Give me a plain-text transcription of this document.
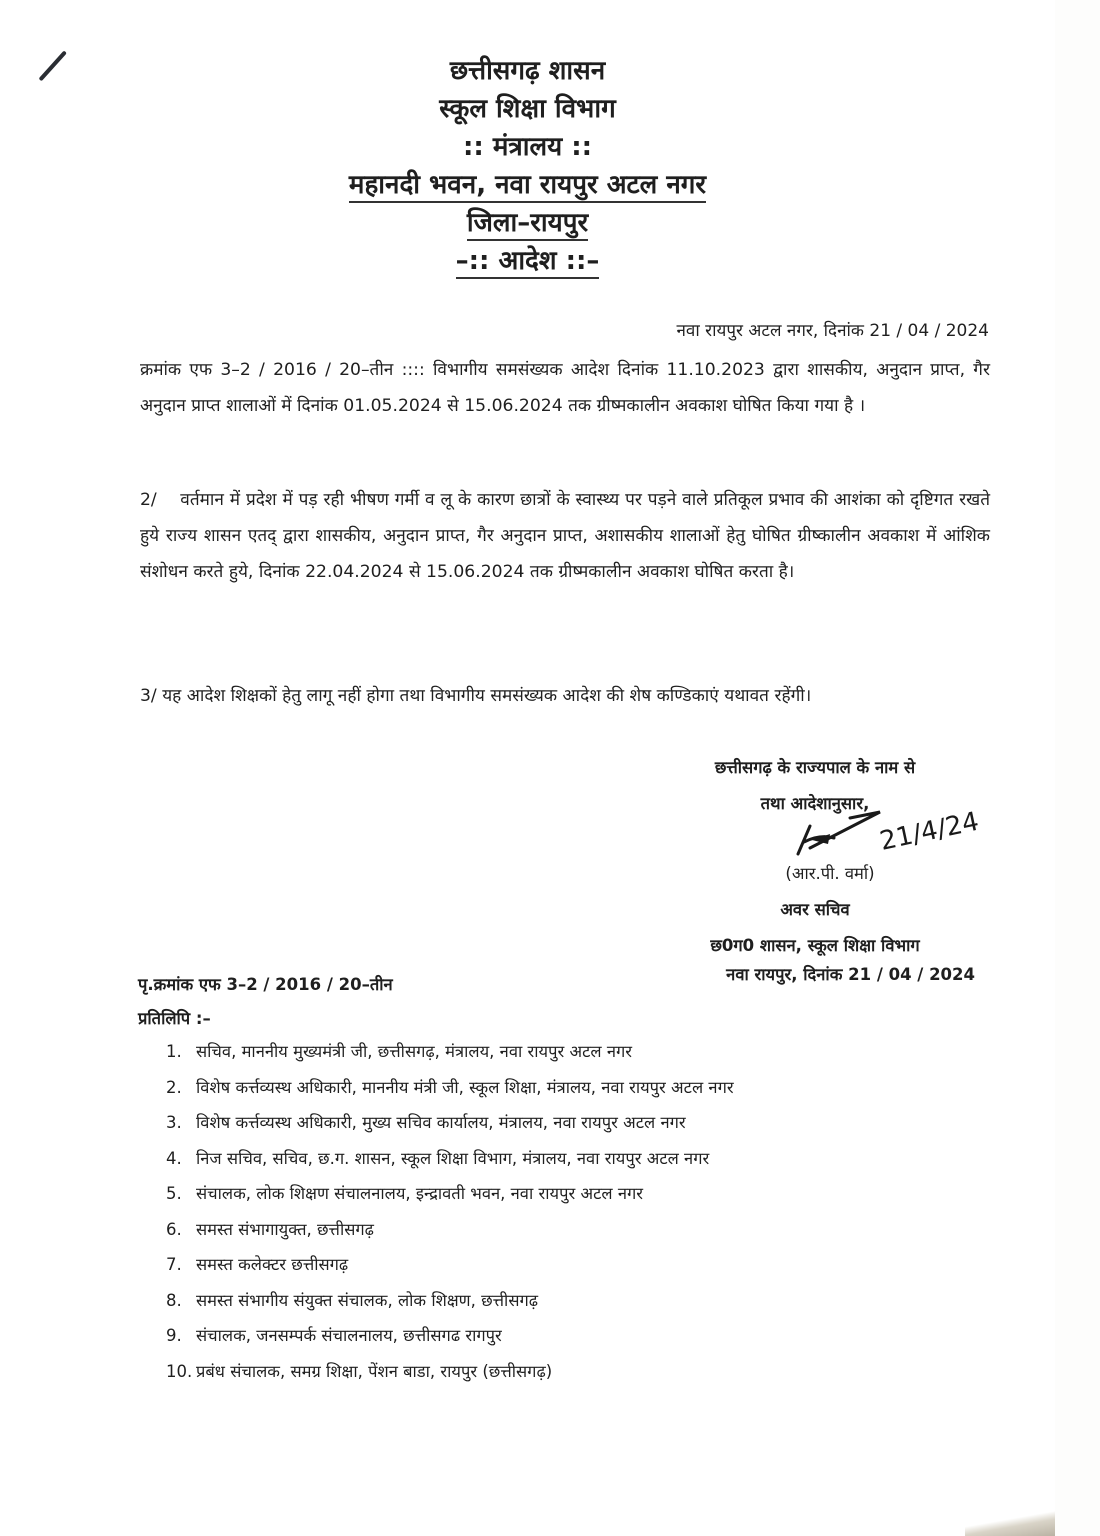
छत्तीसगढ़ शासन
स्कूल शिक्षा विभाग
:: मंत्रालय ::
महानदी भवन, नवा रायपुर अटल नगर
जिला–रायपुर
–:: आदेश ::–
नवा रायपुर अटल नगर, दिनांक 21 / 04 / 2024

क्रमांक एफ 3–2 / 2016 / 20–तीन :::: विभागीय समसंख्यक आदेश दिनांक 11.10.2023 द्वारा शासकीय, अनुदान प्राप्त, गैर अनुदान प्राप्त शालाओं में दिनांक 01.05.2024 से 15.06.2024 तक ग्रीष्मकालीन अवकाश घोषित किया गया है ।

2/    वर्तमान में प्रदेश में पड़ रही भीषण गर्मी व लू के कारण छात्रों के स्वास्थ्य पर पड़ने वाले प्रतिकूल प्रभाव की आशंका को दृष्टिगत रखते हुये राज्य शासन एतद् द्वारा शासकीय, अनुदान प्राप्त, गैर अनुदान प्राप्त, अशासकीय शालाओं हेतु घोषित ग्रीष्कालीन अवकाश में आंशिक संशोधन करते हुये, दिनांक 22.04.2024 से 15.06.2024 तक ग्रीष्मकालीन अवकाश घोषित करता है।

3/ यह आदेश शिक्षकों हेतु लागू नहीं होगा तथा विभागीय समसंख्यक आदेश की शेष कण्डिकाएं यथावत रहेंगी।

छत्तीसगढ़ के राज्यपाल के नाम से
तथा आदेशानुसार,
(आर.पी. वर्मा)
अवर सचिव
छ0ग0 शासन, स्कूल शिक्षा विभाग
21/4/24
पृ.क्रमांक एफ 3–2 / 2016 / 20–तीन
प्रतिलिपि :–
नवा रायपुर, दिनांक 21 / 04 / 2024
1. सचिव, माननीय मुख्यमंत्री जी, छत्तीसगढ़, मंत्रालय, नवा रायपुर अटल नगर
2. विशेष कर्त्तव्यस्थ अधिकारी, माननीय मंत्री जी, स्कूल शिक्षा, मंत्रालय, नवा रायपुर अटल नगर
3. विशेष कर्त्तव्यस्थ अधिकारी, मुख्य सचिव कार्यालय, मंत्रालय, नवा रायपुर अटल नगर
4. निज सचिव, सचिव, छ.ग. शासन, स्कूल शिक्षा विभाग, मंत्रालय, नवा रायपुर अटल नगर
5. संचालक, लोक शिक्षण संचालनालय, इन्द्रावती भवन, नवा रायपुर अटल नगर
6. समस्त संभागायुक्त, छत्तीसगढ़
7. समस्त कलेक्टर छत्तीसगढ़
8. समस्त संभागीय संयुक्त संचालक, लोक शिक्षण, छत्तीसगढ़
9. संचालक, जनसम्पर्क संचालनालय, छत्तीसगढ रागपुर
10. प्रबंध संचालक, समग्र शिक्षा, पेंशन बाडा, रायपुर (छत्तीसगढ़)
